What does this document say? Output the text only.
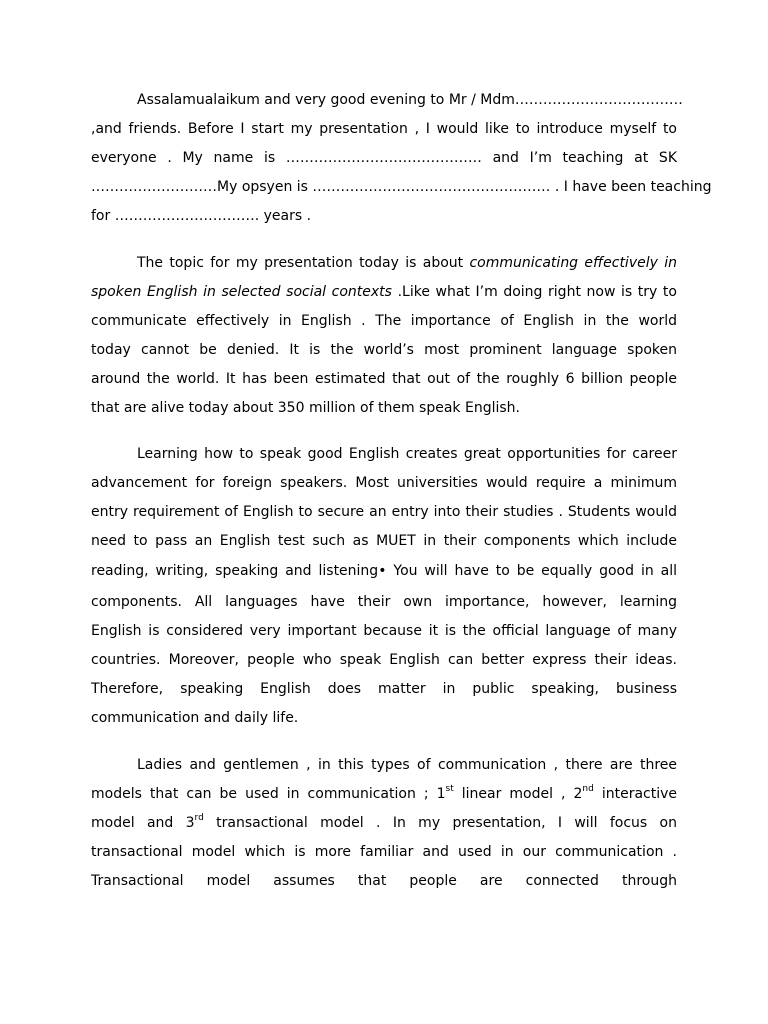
Assalamualaikum and very good evening to Mr / Mdm………………………………
,and friends. Before I start my presentation , I would like to introduce myself to
everyone . My name is …………………………………… and I’m teaching at SK
………………………My opsyen is …………………………………………… . I have been teaching
for …………………………. years .
The topic for my presentation today is about communicating effectively in
spoken English in selected social contexts .Like what I’m doing right now is try to
communicate effectively in English . The importance of English in the world
today cannot be denied. It is the world’s most prominent language spoken
around the world. It has been estimated that out of the roughly 6 billion people
that are alive today about 350 million of them speak English.
Learning how to speak good English creates great opportunities for career
advancement for foreign speakers. Most universities would require a minimum
entry requirement of English to secure an entry into their studies . Students would
need to pass an English test such as MUET in their components which include
reading, writing, speaking and listening• You will have to be equally good in all
components. All languages have their own importance, however, learning
English is considered very important because it is the official language of many
countries. Moreover, people who speak English can better express their ideas.
Therefore, speaking English does matter in public speaking, business
communication and daily life.
Ladies and gentlemen , in this types of communication , there are three
models that can be used in communication ; 1st linear model , 2nd interactive
model and 3rd transactional model . In my presentation, I will focus on
transactional model which is more familiar and used in our communication .
Transactional model assumes that people are connected through
